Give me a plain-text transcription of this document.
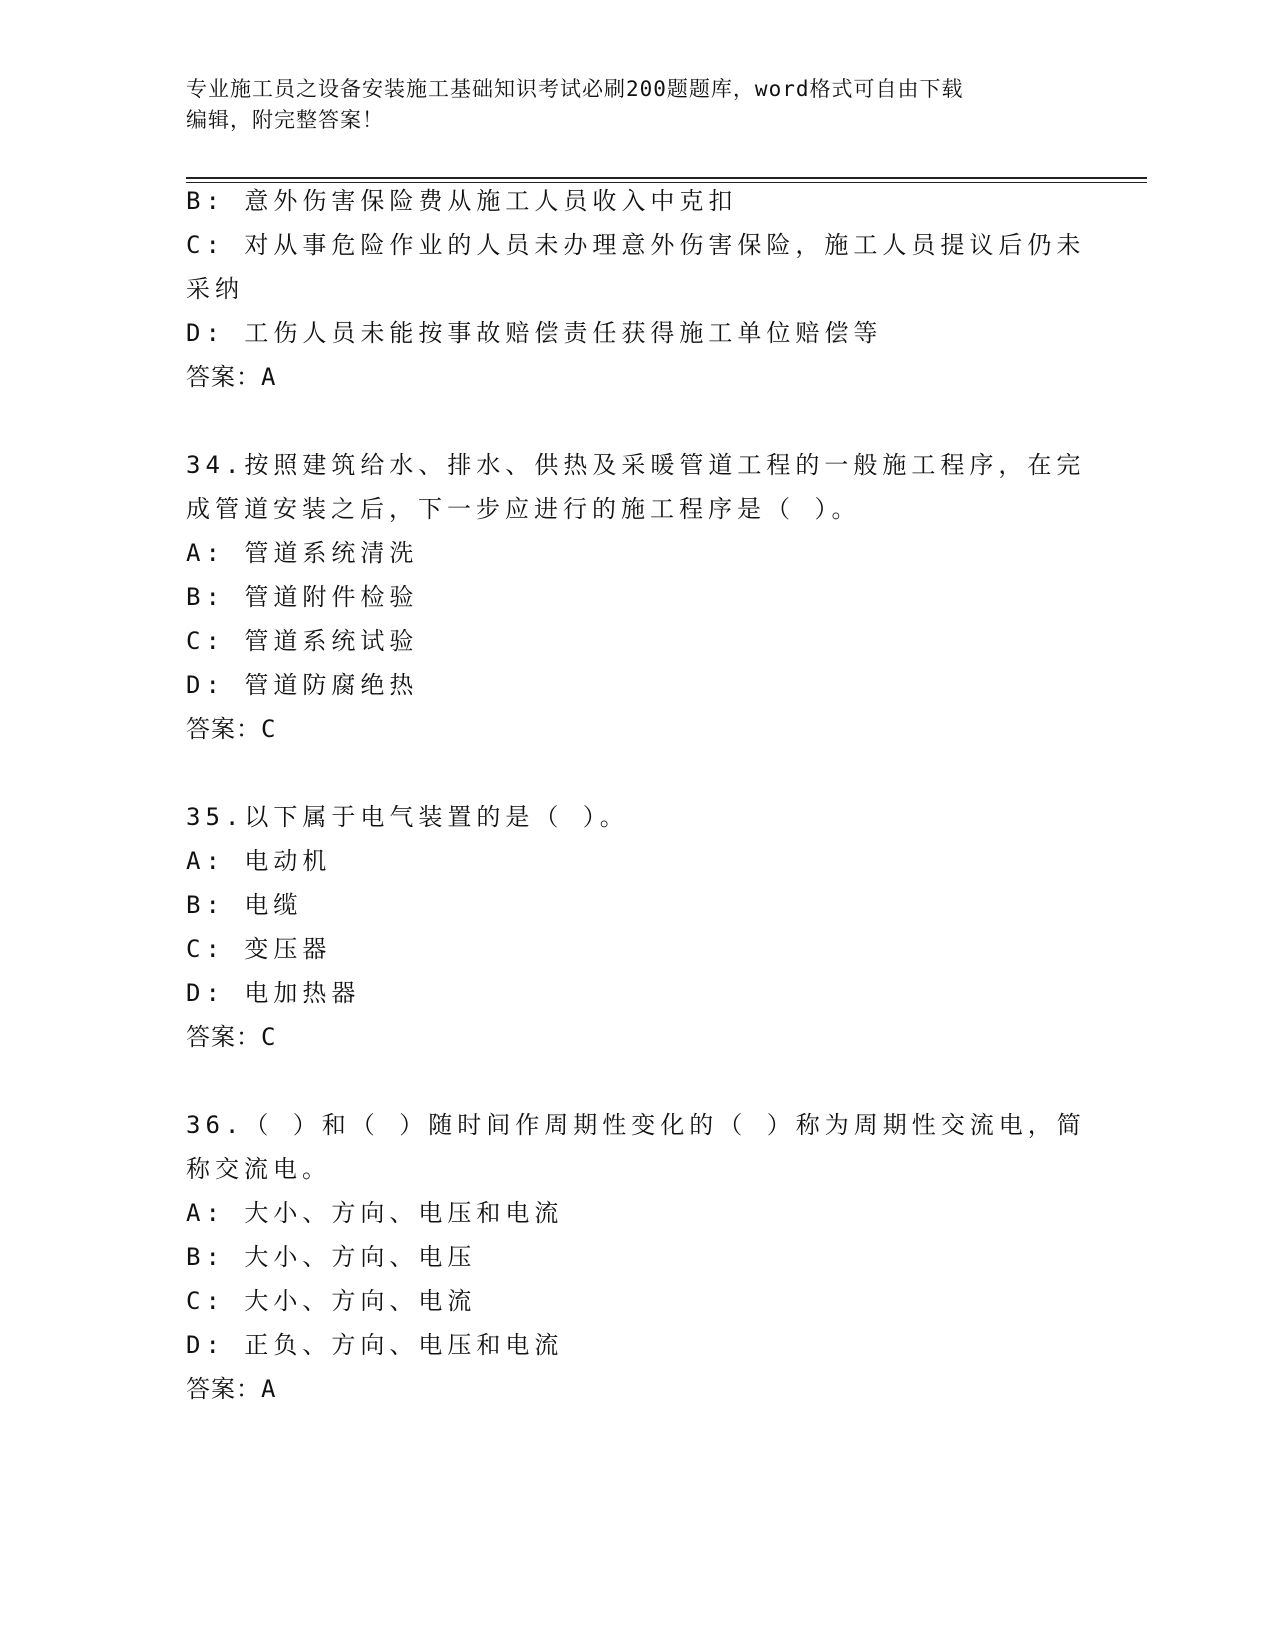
专业施工员之设备安装施工基础知识考试必刷200题题库，word格式可自由下载
编辑，附完整答案！
B: 意外伤害保险费从施工人员收入中克扣
C: 对从事危险作业的人员未办理意外伤害保险，施工人员提议后仍未
采纳
D: 工伤人员未能按事故赔偿责任获得施工单位赔偿等
答案：A
34.按照建筑给水、排水、供热及采暖管道工程的一般施工程序，在完
成管道安装之后，下一步应进行的施工程序是（ ）。
A: 管道系统清洗
B: 管道附件检验
C: 管道系统试验
D: 管道防腐绝热
答案：C
35.以下属于电气装置的是（ ）。
A: 电动机
B: 电缆
C: 变压器
D: 电加热器
答案：C
36.（ ）和（ ）随时间作周期性变化的（ ）称为周期性交流电，简
称交流电。
A: 大小、方向、电压和电流
B: 大小、方向、电压
C: 大小、方向、电流
D: 正负、方向、电压和电流
答案：A
